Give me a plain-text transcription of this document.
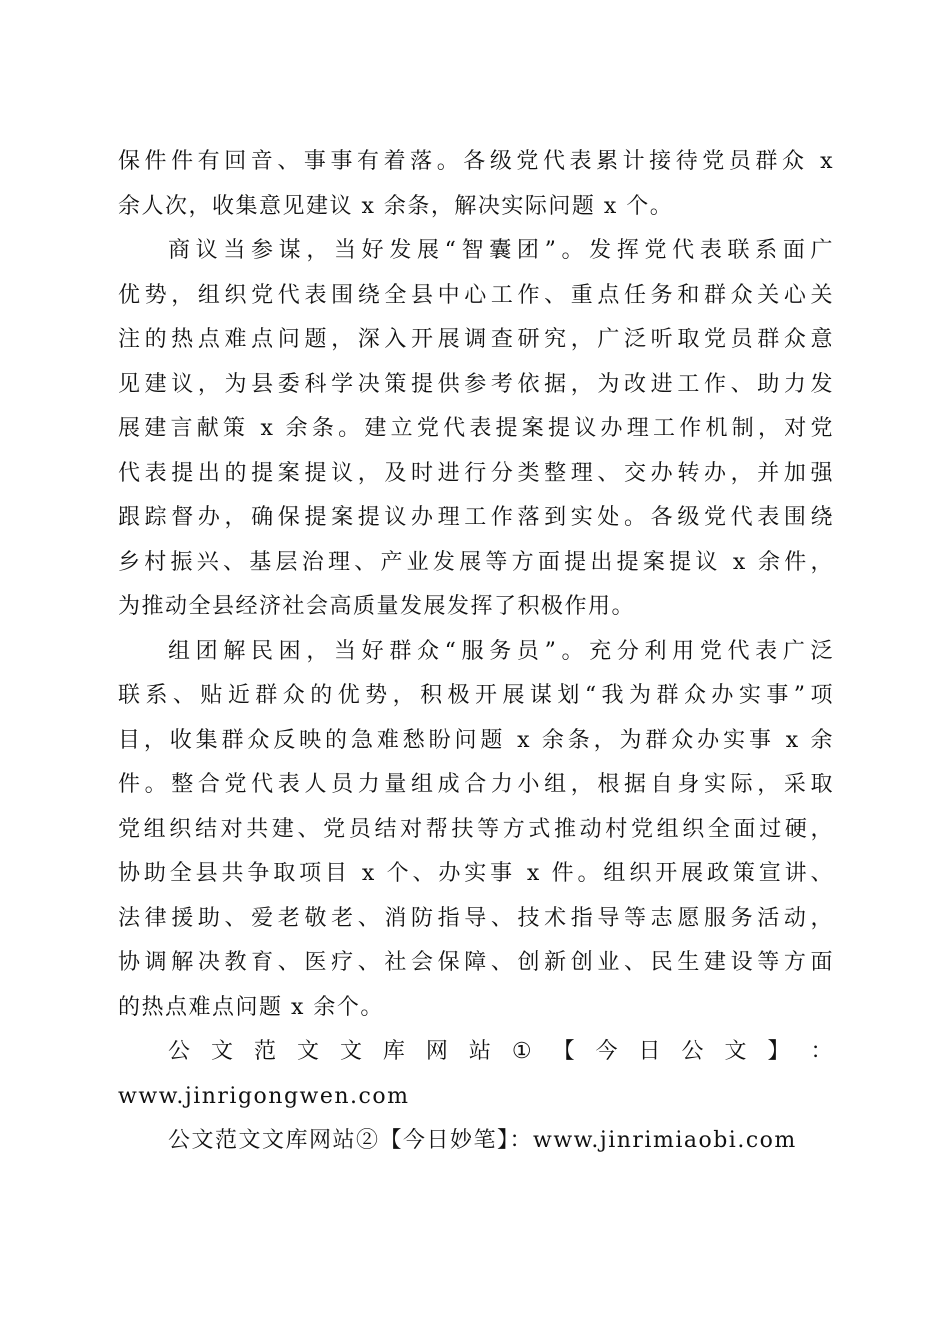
保件件有回音、事事有着落。各级党代表累计接待党员群众 x
余人次，收集意见建议 x 余条，解决实际问题 x 个。
商议当参谋，当好发展“智囊团”。发挥党代表联系面广
优势，组织党代表围绕全县中心工作、重点任务和群众关心关
注的热点难点问题，深入开展调查研究，广泛听取党员群众意
见建议，为县委科学决策提供参考依据，为改进工作、助力发
展建言献策 x 余条。建立党代表提案提议办理工作机制，对党
代表提出的提案提议，及时进行分类整理、交办转办，并加强
跟踪督办，确保提案提议办理工作落到实处。各级党代表围绕
乡村振兴、基层治理、产业发展等方面提出提案提议 x 余件，
为推动全县经济社会高质量发展发挥了积极作用。
组团解民困，当好群众“服务员”。充分利用党代表广泛
联系、贴近群众的优势，积极开展谋划“我为群众办实事”项
目，收集群众反映的急难愁盼问题 x 余条，为群众办实事 x 余
件。整合党代表人员力量组成合力小组，根据自身实际，采取
党组织结对共建、党员结对帮扶等方式推动村党组织全面过硬，
协助全县共争取项目 x 个、办实事 x 件。组织开展政策宣讲、
法律援助、爱老敬老、消防指导、技术指导等志愿服务活动，
协调解决教育、医疗、社会保障、创新创业、民生建设等方面
的热点难点问题 x 余个。
公 文 范 文 文 库 网 站 ① 【 今 日 公 文 】 ：
www.jinrigongwen.com
公文范文文库网站②【今日妙笔】：www.jinrimiaobi.com
